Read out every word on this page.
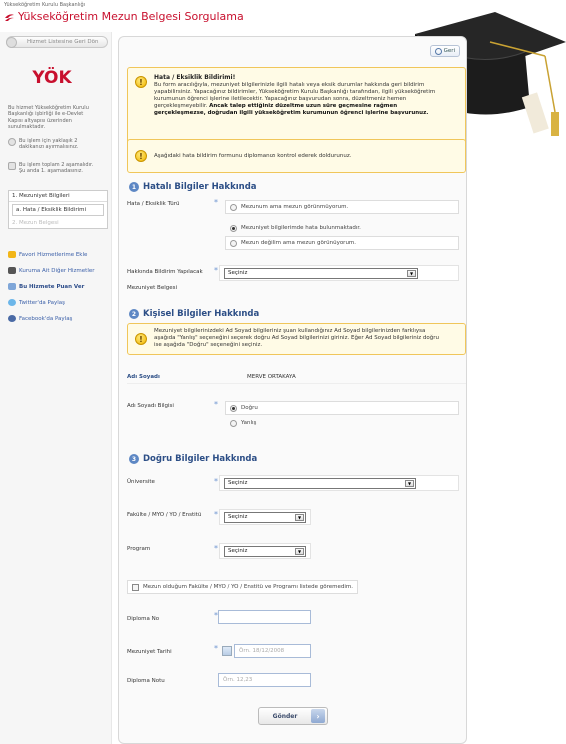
Yükseköğretim Kurulu Başkanlığı
Yükseköğretim Mezun Belgesi Sorgulama
Hizmet Listesine Geri Dön
YÖK
Bu hizmet Yükseköğretim Kurulu
Başkanlığı işbirliği ile e-Devlet
Kapısı altyapısı üzerinden
sunulmaktadır.
Bu işlem için yaklaşık 2
dakikanızı ayırmalısınız.
Bu işlem toplam 2 aşamalıdır.
Şu anda 1. aşamadasınız.
1. Mezuniyet Bilgileri
a. Hata / Eksiklik Bildirimi
2. Mezun Belgesi
Favori Hizmetlerime Ekle
Kuruma Ait Diğer Hizmetler
Bu Hizmete Puan Ver
Twitter'da Paylaş
Facebook'da Paylaş
Geri
!	Hata / Eksiklik Bildirimi!
Bu form aracılığıyla, mezuniyet bilgilerinizle ilgili hatalı veya eksik durumlar hakkında geri bildirim
yapabilirsiniz. Yapacağınız bildirimler, Yükseköğretim Kurulu Başkanlığı tarafından, ilgili yükseköğretim
kurumunun öğrenci işlerine iletilecektir. Yapacağınız başvurudan sonra, düzeltmeniz hemen
gerçekleşmeyebilir. Ancak talep ettiğiniz düzeltme uzun süre geçmesine rağmen
gerçekleşmezse, doğrudan ilgili yükseköğretim kurumunun öğrenci işlerine başvurunuz.
!	Aşağıdaki hata bildirim formunu diplomanızı kontrol ederek doldurunuz.
1 Hatalı Bilgiler Hakkında
Hata / Eksiklik Türü	*	Mezunum ama mezun görünmüyorum.
Mezuniyet bilgilerimde hata bulunmaktadır.
Mezun değilim ama mezun görünüyorum.
Hakkında Bildirim Yapılacak
Mezuniyet Belgesi
* Seçiniz	▼
2 Kişisel Bilgiler Hakkında
!
Mezuniyet bilgilerinizdeki Ad Soyad bilgileriniz şuan kullandığınız Ad Soyad bilgilerinizden farklıysa
aşağıda "Yanlış" seçeneğini seçerek doğru Ad Soyad bilgilerinizi giriniz. Eğer Ad Soyad bilgileriniz doğru
ise aşağıda "Doğru" seçeneğini seçiniz.
Adı Soyadı	MERVE ORTAKAYA
Adı Soyadı Bilgisi	*	Doğru
Yanlış
3 Doğru Bilgiler Hakkında
Üniversite	* Seçiniz	▼
Fakülte / MYO / YO / Enstitü * Seçiniz	▼
Program	* Seçiniz	▼
Mezun olduğum Fakülte / MYO / YO / Enstitü ve Programı listede göremedim.
Diploma No	*
Mezuniyet Tarihi	*	Örn. 18/12/2008
Diploma Notu	Örn. 12,23
Gönder	›
